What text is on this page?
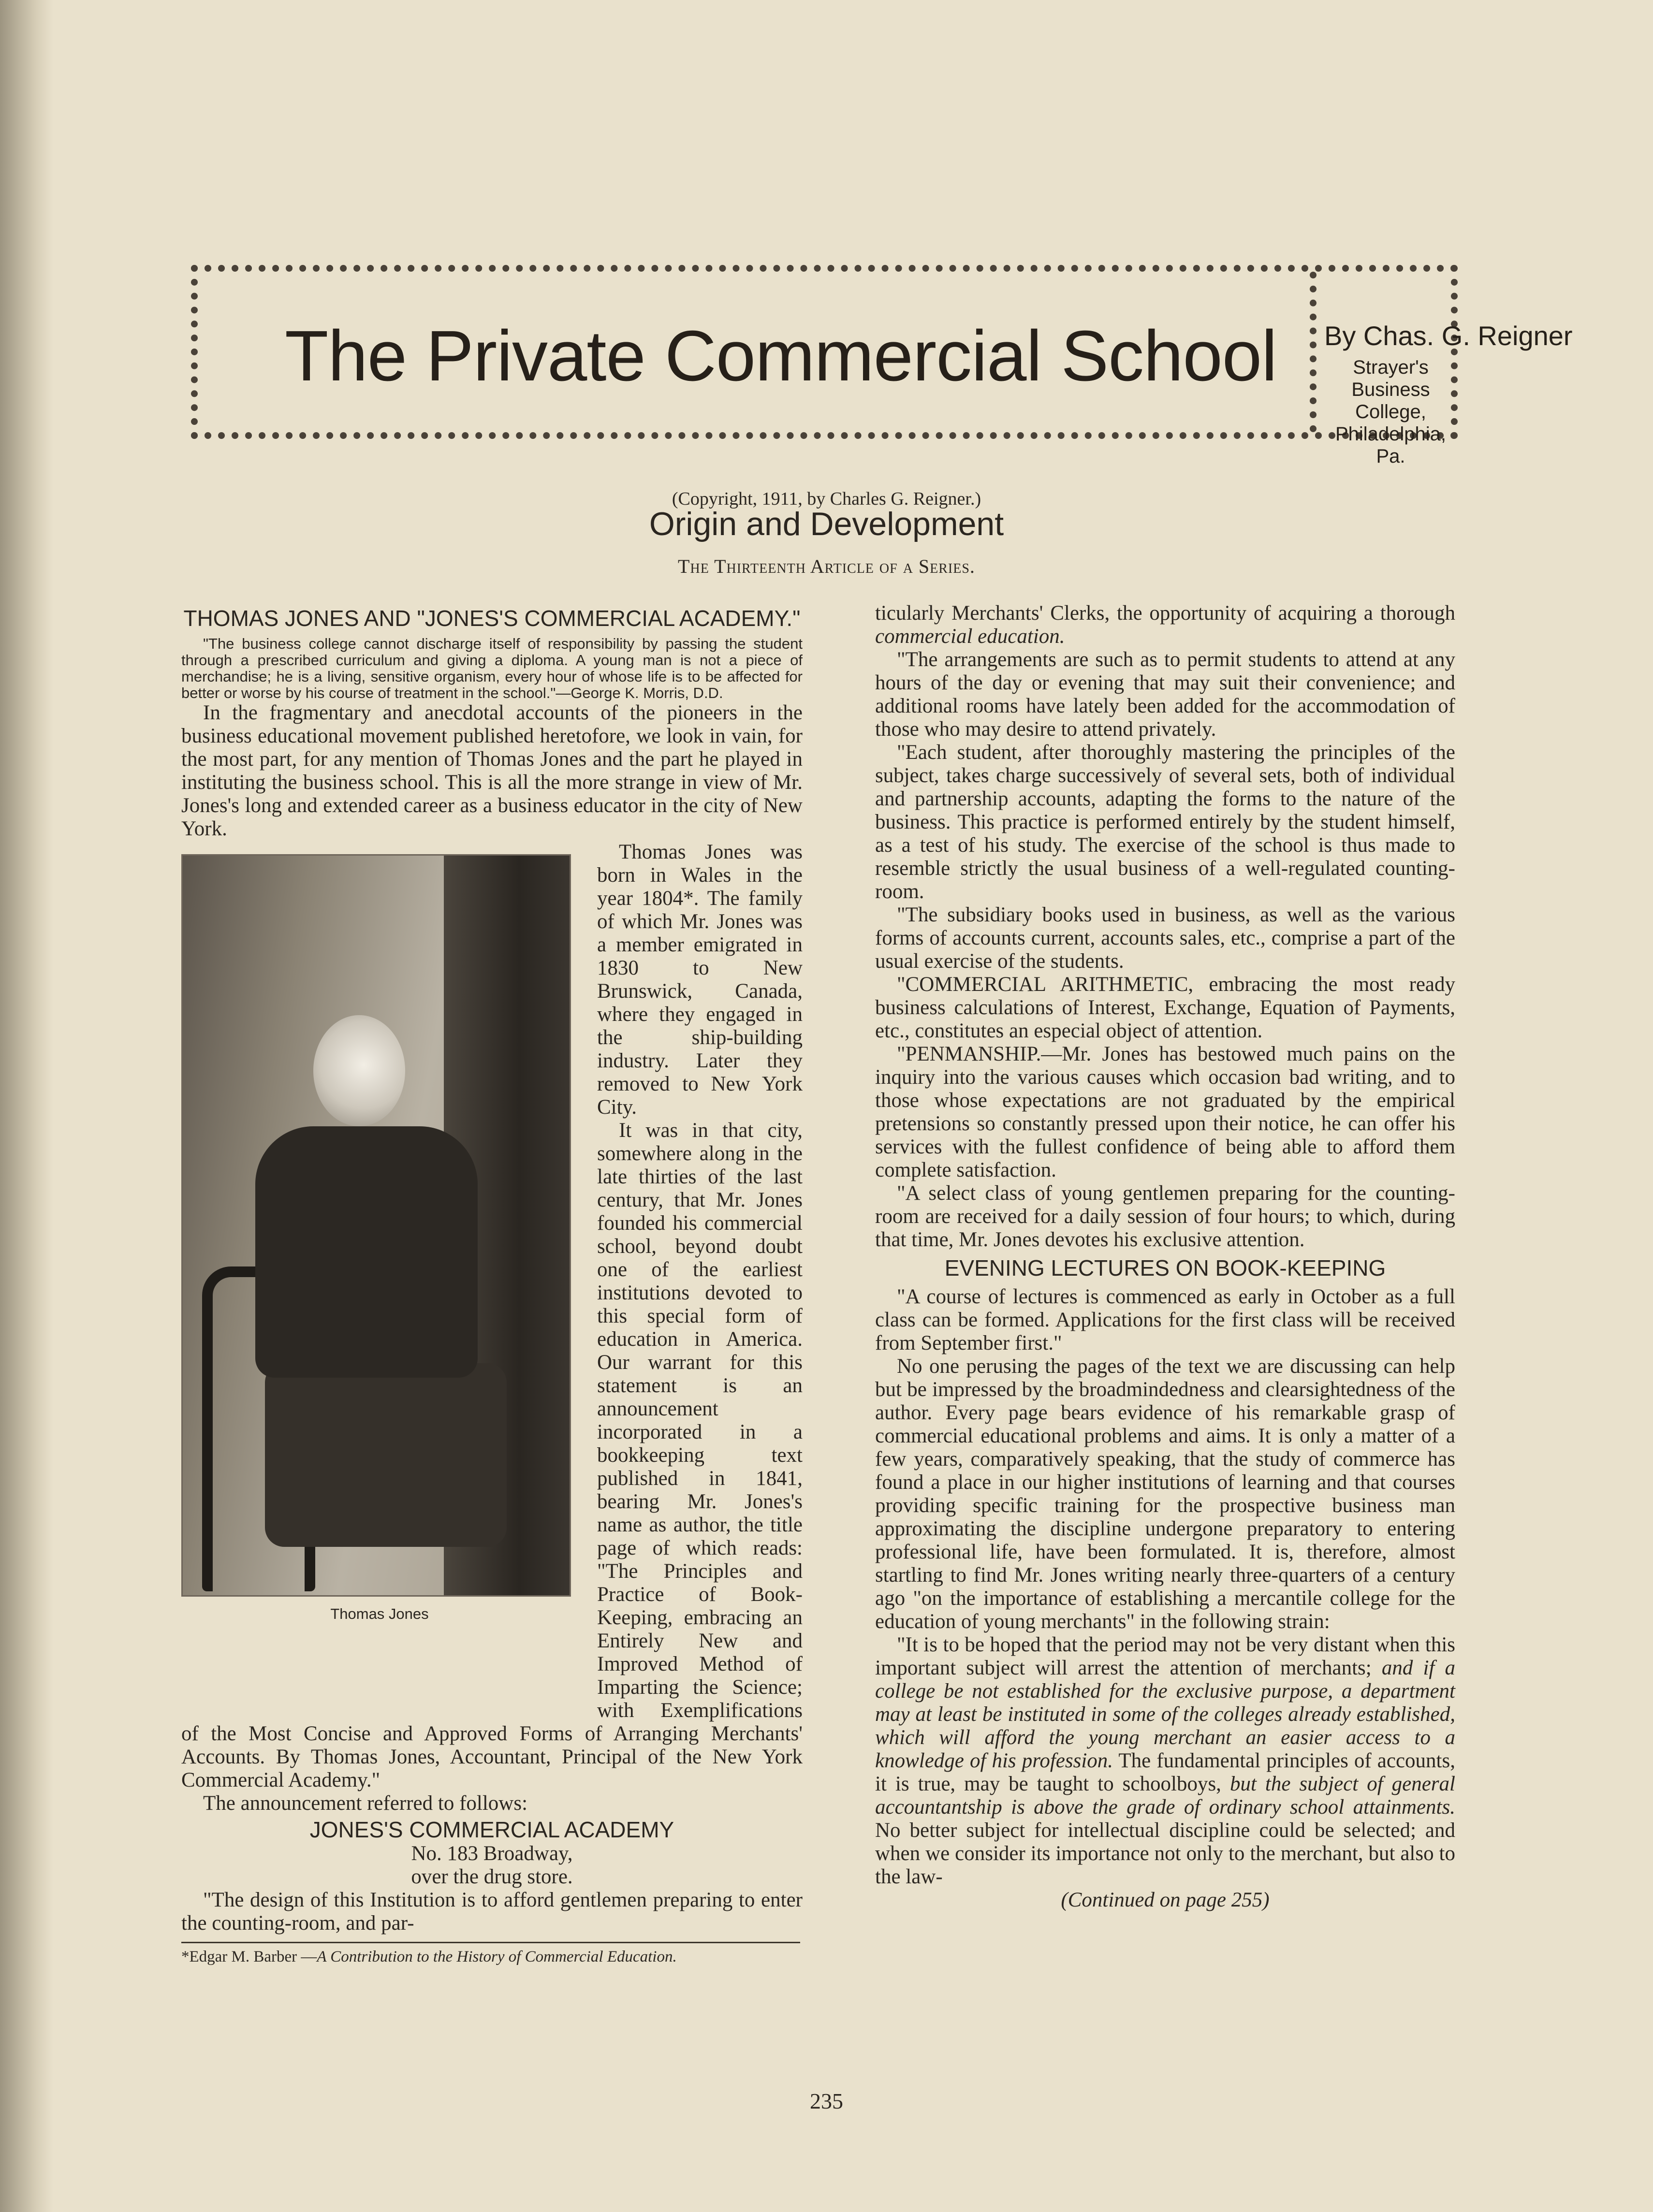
The Private Commercial School By Chas. G. Reigner
Strayer's Business College,
Philadelphia, Pa.
(Copyright, 1911, by Charles G. Reigner.)
Origin and Development
The Thirteenth Article of a Series.
THOMAS JONES AND "JONES'S COMMERCIAL ACADEMY."

"The business college cannot discharge itself of responsibility by passing the student through a prescribed curriculum and giving a diploma. A young man is not a piece of merchandise; he is a living, sensitive organism, every hour of whose life is to be affected for better or worse by his course of treatment in the school."—George K. Morris, D.D.

In the fragmentary and anecdotal accounts of the pioneers in the business educational movement published heretofore, we look in vain, for the most part, for any mention of Thomas Jones and the part he played in instituting the business school. This is all the more strange in view of Mr. Jones's long and extended career as a business educator in the city of New York.

Thomas Jones

Thomas Jones was born in Wales in the year 1804*. The family of which Mr. Jones was a member emigrated in 1830 to New Brunswick, Canada, where they engaged in the ship-building industry. Later they removed to New York City.

It was in that city, somewhere along in the late thirties of the last century, that Mr. Jones founded his commercial school, beyond doubt one of the earliest institutions devoted to this special form of education in America. Our warrant for this statement is an announcement incorporated in a bookkeeping text published in 1841, bearing Mr. Jones's name as author, the title page of which reads: "The Principles and Practice of Book-Keeping, embracing an Entirely New and Improved Method of Imparting the Science; with Exemplifications of the Most Concise and Approved Forms of Arranging Merchants' Accounts. By Thomas Jones, Accountant, Principal of the New York Commercial Academy."

The announcement referred to follows:

JONES'S COMMERCIAL ACADEMY

No. 183 Broadway,

over the drug store.

"The design of this Institution is to afford gentlemen preparing to enter the counting-room, and par-

*Edgar M. Barber —A Contribution to the History of Commercial Education.

ticularly Merchants' Clerks, the opportunity of acquiring a thorough commercial education.

"The arrangements are such as to permit students to attend at any hours of the day or evening that may suit their convenience; and additional rooms have lately been added for the accommodation of those who may desire to attend privately.

"Each student, after thoroughly mastering the principles of the subject, takes charge successively of several sets, both of individual and partnership accounts, adapting the forms to the nature of the business. This practice is performed entirely by the student himself, as a test of his study. The exercise of the school is thus made to resemble strictly the usual business of a well-regulated counting-room.

"The subsidiary books used in business, as well as the various forms of accounts current, accounts sales, etc., comprise a part of the usual exercise of the students.

"COMMERCIAL ARITHMETIC, embracing the most ready business calculations of Interest, Exchange, Equation of Payments, etc., constitutes an especial object of attention.

"PENMANSHIP.—Mr. Jones has bestowed much pains on the inquiry into the various causes which occasion bad writing, and to those whose expectations are not graduated by the empirical pretensions so constantly pressed upon their notice, he can offer his services with the fullest confidence of being able to afford them complete satisfaction.

"A select class of young gentlemen preparing for the counting-room are received for a daily session of four hours; to which, during that time, Mr. Jones devotes his exclusive attention.

EVENING LECTURES ON BOOK-KEEPING

"A course of lectures is commenced as early in October as a full class can be formed. Applications for the first class will be received from September first."

No one perusing the pages of the text we are discussing can help but be impressed by the broadmindedness and clearsightedness of the author. Every page bears evidence of his remarkable grasp of commercial educational problems and aims. It is only a matter of a few years, comparatively speaking, that the study of commerce has found a place in our higher institutions of learning and that courses providing specific training for the prospective business man approximating the discipline undergone preparatory to entering professional life, have been formulated. It is, therefore, almost startling to find Mr. Jones writing nearly three-quarters of a century ago "on the importance of establishing a mercantile college for the education of young merchants" in the following strain:

"It is to be hoped that the period may not be very distant when this important subject will arrest the attention of merchants; and if a college be not established for the exclusive purpose, a department may at least be instituted in some of the colleges already established, which will afford the young merchant an easier access to a knowledge of his profession. The fundamental principles of accounts, it is true, may be taught to schoolboys, but the subject of general accountantship is above the grade of ordinary school attainments. No better subject for intellectual discipline could be selected; and when we consider its importance not only to the merchant, but also to the law-

(Continued on page 255)

235
